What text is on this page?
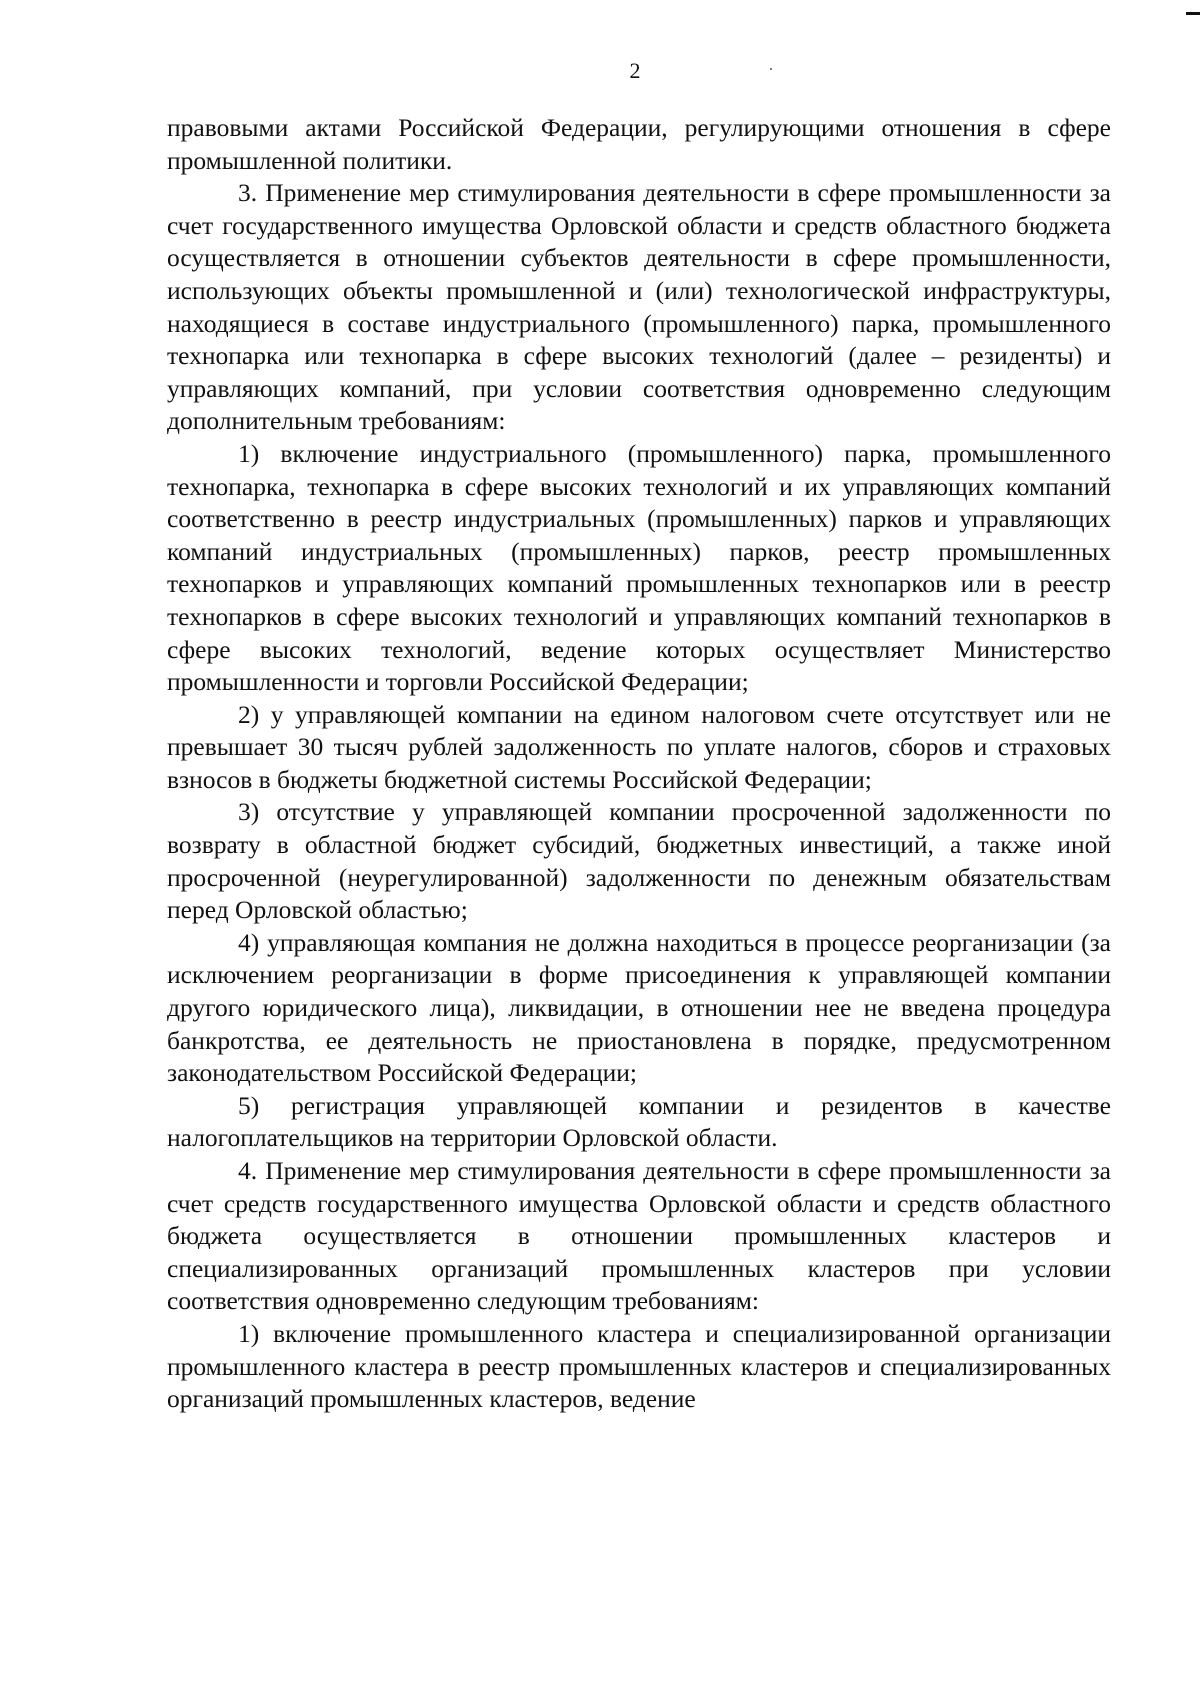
2

правовыми актами Российской Федерации, регулирующими отношения в сфере промышленной политики.

3. Применение мер стимулирования деятельности в сфере промышленности за счет государственного имущества Орловской области и средств областного бюджета осуществляется в отношении субъектов деятельности в сфере промышленности, использующих объекты промышленной и (или) технологической инфраструктуры, находящиеся в составе индустриального (промышленного) парка, промышленного технопарка или технопарка в сфере высоких технологий (далее – резиденты) и управляющих компаний, при условии соответствия одновременно следующим дополнительным требованиям:

1) включение индустриального (промышленного) парка, промышленного технопарка, технопарка в сфере высоких технологий и их управляющих компаний соответственно в реестр индустриальных (промышленных) парков и управляющих компаний индустриальных (промышленных) парков, реестр промышленных технопарков и управляющих компаний промышленных технопарков или в реестр технопарков в сфере высоких технологий и управляющих компаний технопарков в сфере высоких технологий, ведение которых осуществляет Министерство промышленности и торговли Российской Федерации;

2) у управляющей компании на едином налоговом счете отсутствует или не превышает 30 тысяч рублей задолженность по уплате налогов, сборов и страховых взносов в бюджеты бюджетной системы Российской Федерации;

3) отсутствие у управляющей компании просроченной задолженности по возврату в областной бюджет субсидий, бюджетных инвестиций, а также иной просроченной (неурегулированной) задолженности по денежным обязательствам перед Орловской областью;

4) управляющая компания не должна находиться в процессе реорганизации (за исключением реорганизации в форме присоединения к управляющей компании другого юридического лица), ликвидации, в отношении нее не введена процедура банкротства, ее деятельность не приостановлена в порядке, предусмотренном законодательством Российской Федерации;

5) регистрация управляющей компании и резидентов в качестве налогоплательщиков на территории Орловской области.

4. Применение мер стимулирования деятельности в сфере промышленности за счет средств государственного имущества Орловской области и средств областного бюджета осуществляется в отношении промышленных кластеров и специализированных организаций промышленных кластеров при условии соответствия одновременно следующим требованиям:

1) включение промышленного кластера и специализированной организации промышленного кластера в реестр промышленных кластеров и специализированных организаций промышленных кластеров, ведение
